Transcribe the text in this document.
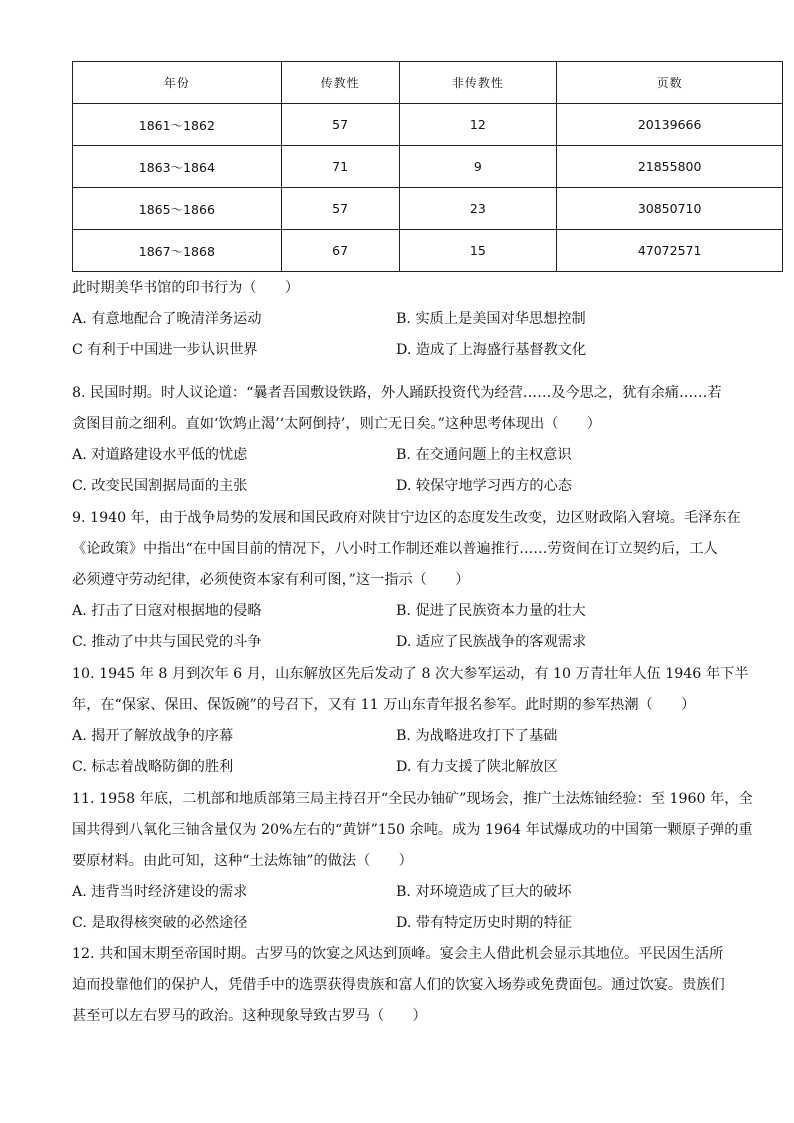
年份	传教性	非传教性	页数
1861～1862	57	12	20139666
1863～1864	71	9	21855800
1865～1866	57	23	30850710
1867～1868	67	15	47072571
此时期美华书馆的印书行为（　　）
A. 有意地配合了晚清洋务运动	B. 实质上是美国对华思想控制
C 有利于中国进一步认识世界	D. 造成了上海盛行基督教文化
8. 民国时期。时人议论道：“曩者吾国敷设铁路，外人踊跃投资代为经营……及今思之，犹有余痛……若
贪图目前之细利。直如‘饮鸩止渴’‘太阿倒持’，则亡无日矣。”这种思考体现出（　　）
A. 对道路建设水平低的忧虑	B. 在交通问题上的主权意识
C. 改变民国割据局面的主张	D. 较保守地学习西方的心态
9. 1940 年，由于战争局势的发展和国民政府对陕甘宁边区的态度发生改变，边区财政陷入窘境。毛泽东在
《论政策》中指出“在中国目前的情况下，八小时工作制还难以普遍推行……劳资间在订立契约后，工人
必须遵守劳动纪律，必须使资本家有利可图，”这一指示（　　）
A. 打击了日寇对根据地的侵略	B. 促进了民族资本力量的壮大
C. 推动了中共与国民党的斗争	D. 适应了民族战争的客观需求
10. 1945 年 8 月到次年 6 月，山东解放区先后发动了 8 次大参军运动，有 10 万青壮年人伍 1946 年下半
年，在“保家、保田、保饭碗”的号召下，又有 11 万山东青年报名参军。此时期的参军热潮（　　）
A. 揭开了解放战争的序幕	B. 为战略进攻打下了基础
C. 标志着战略防御的胜利	D. 有力支援了陕北解放区
11. 1958 年底，二机部和地质部第三局主持召开“全民办铀矿”现场会，推广土法炼铀经验：至 1960 年，全
国共得到八氧化三铀含量仅为 20%左右的“黄饼”150 余吨。成为 1964 年试爆成功的中国第一颗原子弹的重
要原材料。由此可知，这种“土法炼铀”的做法（　　）
A. 违背当时经济建设的需求	B. 对环境造成了巨大的破坏
C. 是取得核突破的必然途径	D. 带有特定历史时期的特征
12. 共和国末期至帝国时期。古罗马的饮宴之风达到顶峰。宴会主人借此机会显示其地位。平民因生活所
迫而投靠他们的保护人，凭借手中的选票获得贵族和富人们的饮宴入场券或免费面包。通过饮宴。贵族们
甚至可以左右罗马的政治。这种现象导致古罗马（　　）
